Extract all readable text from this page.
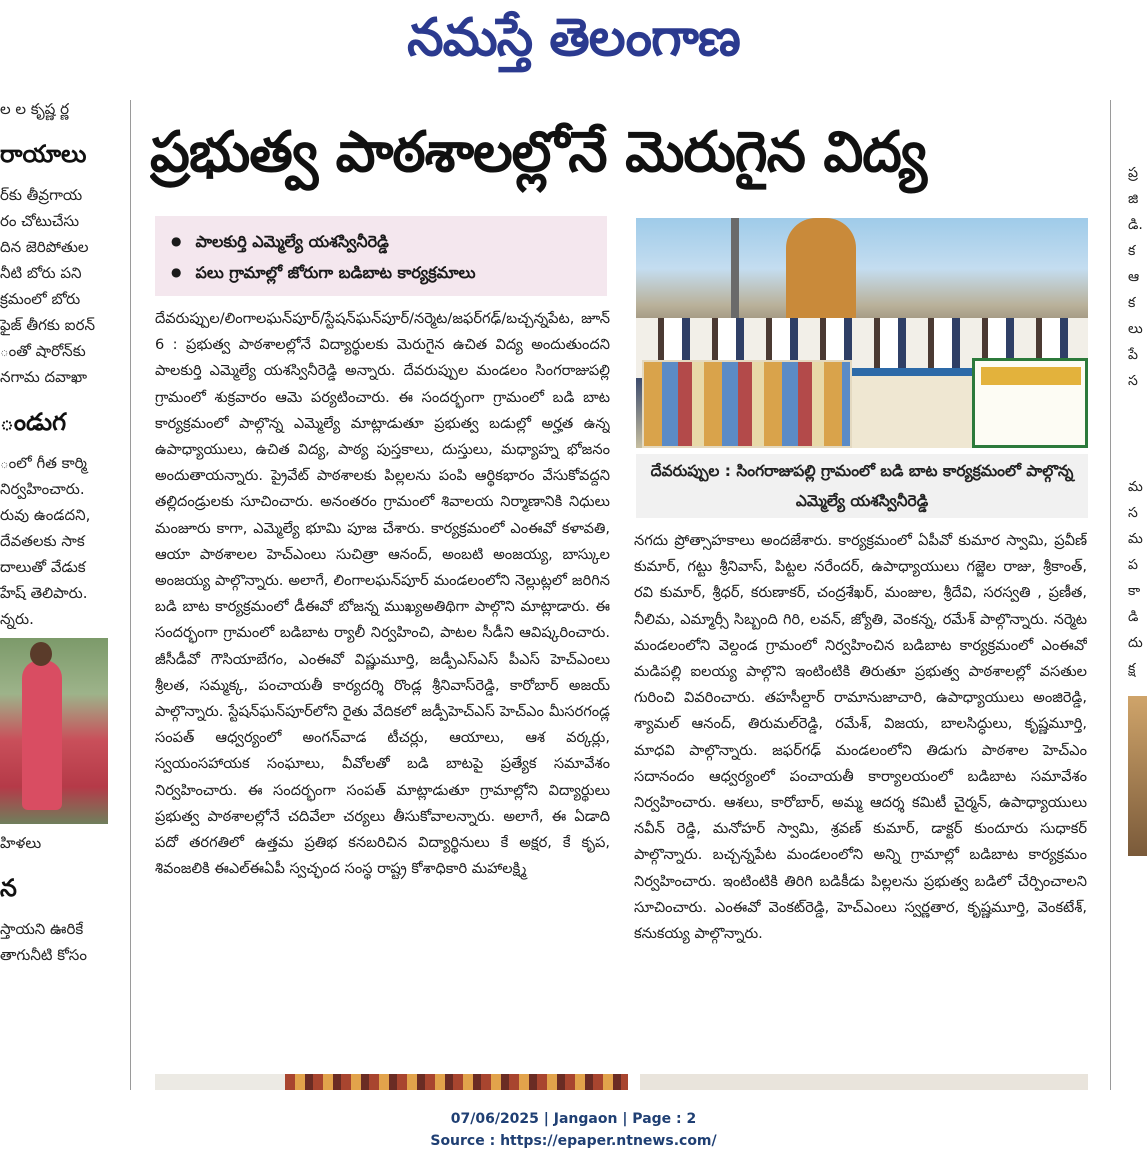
నమస్తే తెలంగాణ

ల ల కృష్ణ ర్ణ

రాయాలు

ర్‌కు తీవ్రగాయ

రం చోటుచేసు

దిన జెరిపోతుల

నీటి బోరు పని

క్రమంలో బోరు

ఫైజ్ తీగకు ఐరన్

ంతో షారోన్‌కు

నగామ దవాఖా

ండుగ

ంలో గీత కార్మి

నిర్వహించారు.

రువు ఉండదని,

దేవతలకు సాక

దాలుతో వేడుక

హేష్ తెలిపారు.

న్నరు.

హిళలు

న

స్తాయని ఊరికే

తాగునీటి కోసం

ప్ర

జి

డి.

క

ఆ

క

లు

పే

స

మ

స

మ

ప

కా

డి

దు

క్ష

ప్రభుత్వ పాఠశాలల్లోనే మెరుగైన విద్య
● పాలకుర్తి ఎమ్మెల్యే యశస్వినీరెడ్డి
● పలు గ్రామాల్లో జోరుగా బడిబాట కార్యక్రమాలు
దేవరుప్పుల/లింగాలఘన్‌పూర్/స్టేషన్‌ఘన్‌పూర్/నర్మెట/జఫర్‌గఢ్/బచ్చన్నపేట, జూన్ 6 : ప్రభుత్వ పాఠశాలల్లోనే విద్యార్థులకు మెరుగైన ఉచిత విద్య అందుతుందని పాలకుర్తి ఎమ్మెల్యే యశస్వినీరెడ్డి అన్నారు. దేవరుప్పుల మండలం సింగరాజుపల్లి గ్రామంలో శుక్రవారం ఆమె పర్యటించారు. ఈ సందర్భంగా గ్రామంలో బడి బాట కార్యక్రమంలో పాల్గొన్న ఎమ్మెల్యే మాట్లాడుతూ ప్రభుత్వ బడుల్లో అర్హత ఉన్న ఉపాధ్యాయులు, ఉచిత విద్య, పాఠ్య పుస్తకాలు, దుస్తులు, మధ్యాహ్న భోజనం అందుతాయన్నారు. ప్రైవేట్ పాఠశాలకు పిల్లలను పంపి ఆర్థికభారం వేసుకోవద్దని తల్లిదండ్రులకు సూచించారు. అనంతరం గ్రామంలో శివాలయ నిర్మాణానికి నిధులు మంజూరు కాగా, ఎమ్మెల్యే భూమి పూజ చేశారు. కార్యక్రమంలో ఎంఈవో కళావతి, ఆయా పాఠశాలల హెచ్‌ఎంలు సుచిత్రా ఆనంద్, అంబటి అంజయ్య, బాస్కుల అంజయ్య పాల్గొన్నారు. అలాగే, లింగాలఘన్‌పూర్ మండలంలోని నెల్లుట్లలో జరిగిన బడి బాట కార్యక్రమంలో డీఈవో బోజన్న ముఖ్యఅతిథిగా పాల్గొని మాట్లాడారు. ఈ సందర్భంగా గ్రామంలో బడిబాట ర్యాలీ నిర్వహించి, పాటల సీడీని ఆవిష్కరించారు. జీసీడీవో గౌసియాబేగం, ఎంఈవో విష్ణుమూర్తి, జడ్పీఎస్‌ఎస్ పీఎస్ హెచ్‌ఎంలు శ్రీలత, సమ్మక్క, పంచాయతీ కార్యదర్శి రొండ్ల శ్రీనివాస్‌రెడ్డి, కారోబార్ అజయ్ పాల్గొన్నారు. స్టేషన్‌ఘన్‌పూర్‌లోని రైతు వేదికలో జడ్పీహెచ్‌ఎస్ హెచ్‌ఎం మీసరగండ్ల సంపత్ ఆధ్వర్యంలో అంగన్‌వాడ టీచర్లు, ఆయాలు, ఆశ వర్కర్లు, స్వయంసహాయక సంఘాలు, వీవోలతో బడి బాటపై ప్రత్యేక సమావేశం నిర్వహించారు. ఈ సందర్భంగా సంపత్ మాట్లాడుతూ గ్రామాల్లోని విద్యార్థులు ప్రభుత్వ పాఠశాలల్లోనే చదివేలా చర్యలు తీసుకోవాలన్నారు. అలాగే, ఈ ఏడాది పదో తరగతిలో ఉత్తమ ప్రతిభ కనబరిచిన విద్యార్థినులు కే అక్షర, కే కృప, శివంజలికి ఈఎల్‌ఈఏపీ స్వచ్ఛంద సంస్థ రాష్ట్ర కోశాధికారి మహాలక్ష్మి
దేవరుప్పుల : సింగరాజుపల్లి గ్రామంలో బడి బాట కార్యక్రమంలో పాల్గొన్న ఎమ్మెల్యే యశస్వినీరెడ్డి
నగదు ప్రోత్సాహకాలు అందజేశారు. కార్యక్రమంలో ఏపీవో కుమార స్వామి, ప్రవీణ్ కుమార్, గట్టు శ్రీనివాస్, పిట్టల నరేందర్, ఉపాధ్యాయులు గజ్జెల రాజు, శ్రీకాంత్, రవి కుమార్, శ్రీధర్, కరుణాకర్, చంద్రశేఖర్, మంజుల, శ్రీదేవి, సరస్వతి , ప్రణీత, నీలిమ, ఎమ్మార్సీ సిబ్బంది గిరి, లవన్, జ్యోతి, వెంకన్న, రమేశ్ పాల్గొన్నారు. నర్మెట మండలంలోని వెల్దండ గ్రామంలో నిర్వహించిన బడిబాట కార్యక్రమంలో ఎంఈవో మడిపల్లి ఐలయ్య పాల్గొని ఇంటింటికి తిరుతూ ప్రభుత్వ పాఠశాలల్లో వసతుల గురించి వివరించారు. తహసీల్దార్ రామానుజాచారి, ఉపాధ్యాయులు అంజిరెడ్డి, శ్యామల్ ఆనంద్, తిరుమల్‌రెడ్డి, రమేశ్, విజయ, బాలసిద్ధులు, కృష్ణమూర్తి, మాధవి పాల్గొన్నారు. జఫర్‌గఢ్ మండలంలోని తిడుగు పాఠశాల హెచ్‌ఎం సదానందం ఆధ్వర్యంలో పంచాయతీ కార్యాలయంలో బడిబాట సమావేశం నిర్వహించారు. ఆశలు, కారోబార్, అమ్మ ఆదర్శ కమిటీ చైర్మన్, ఉపాధ్యాయులు నవీన్ రెడ్డి, మనోహర్ స్వామి, శ్రవణ్ కుమార్, డాక్టర్ కుందూరు సుధాకర్ పాల్గొన్నారు. బచ్చన్నపేట మండలంలోని అన్ని గ్రామాల్లో బడిబాట కార్యక్రమం నిర్వహించారు. ఇంటింటికి తిరిగి బడికీడు పిల్లలను ప్రభుత్వ బడిలో చేర్పించాలని సూచించారు. ఎంఈవో వెంకట్‌రెడ్డి, హెచ్‌ఎంలు స్వర్ణతార, కృష్ణమూర్తి, వెంకటేశ్, కనుకయ్య పాల్గొన్నారు.
07/06/2025 | Jangaon | Page : 2
Source : https://epaper.ntnews.com/
